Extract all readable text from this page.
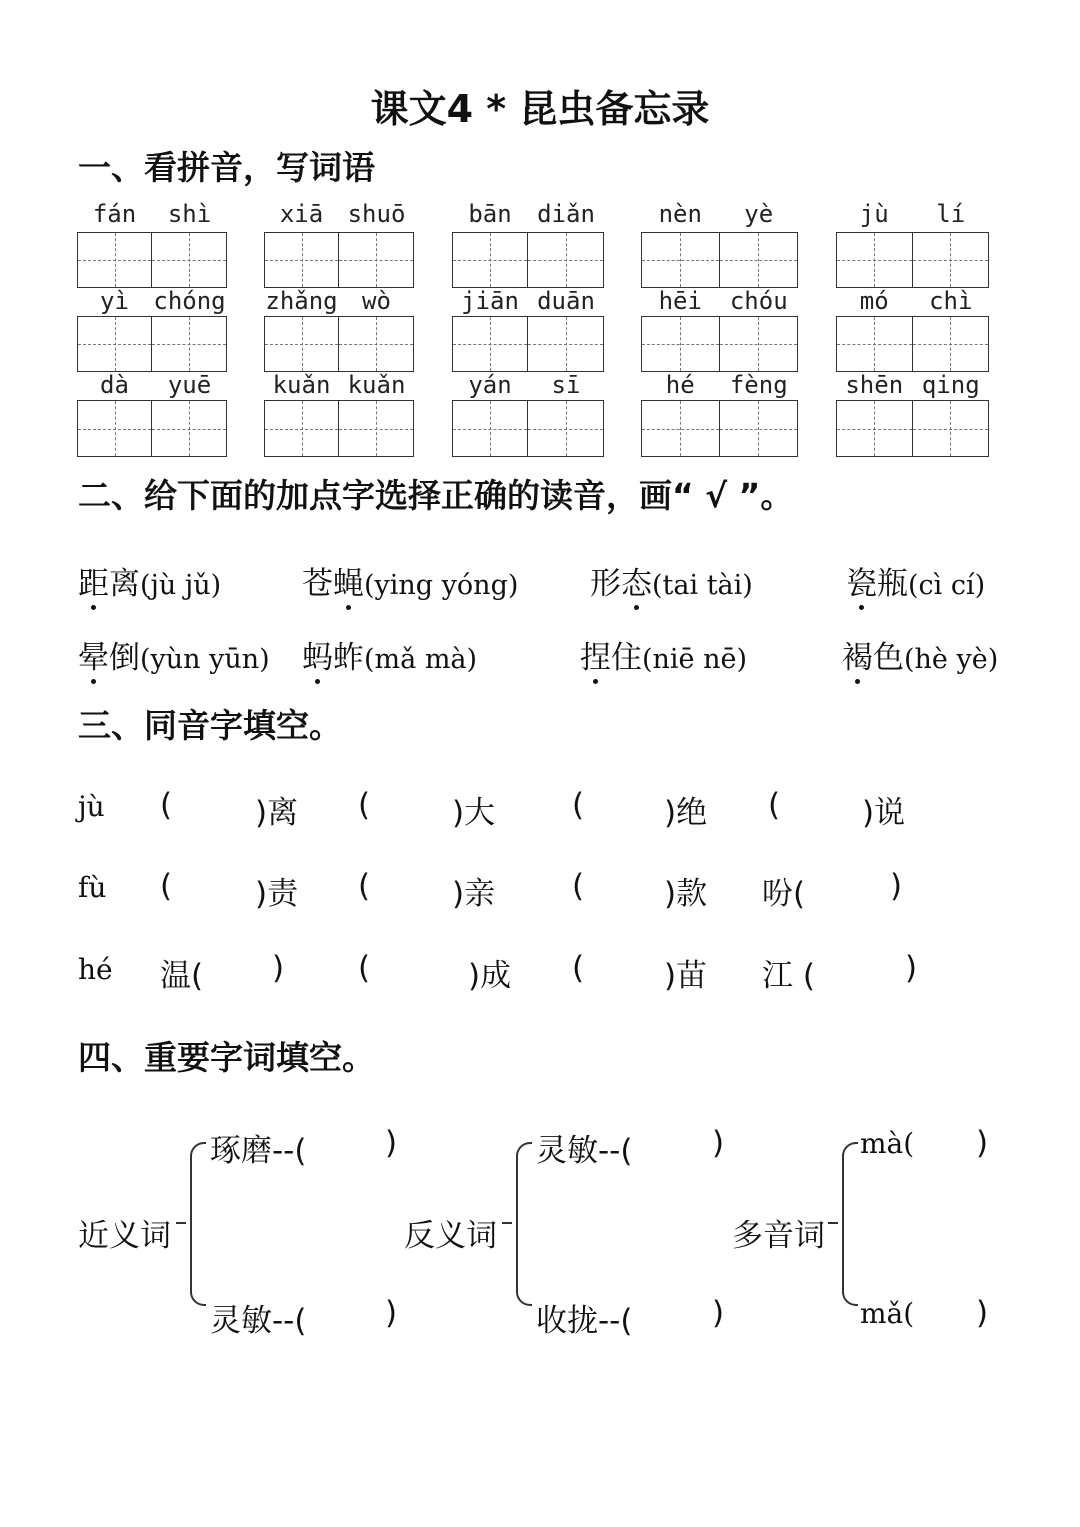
课文4 * 昆虫备忘录
一、看拼音，写词语
fán	shì	xiā	shuō	bān	diǎn	nèn	yè	jù	lí
yì	chóng zhǎng	wò	jiān duān	hēi	chóu	mó	chì
dà	yuē	kuǎn kuǎn	yán	sī	hé	fèng	shēn qing
二、给下面的加点字选择正确的读音，画“ √ ”。
距离(jù jǔ)	苍蝇(ying yóng) 形态(tai tài)	瓷瓶(cì cí)
晕倒(yùn yūn) 蚂蚱(mǎ mà)	捏住(niē nē)	褐色(hè yè)
三、同音字填空。
jù (	)离 (	)大 (	)绝 (	)说
fù (	)责 (	)亲 (	)款 吩(	)
hé 温( ) (	)成 (	)苗 江 (	)
四、重要字词填空。
近义词
琢磨--(	)
灵敏--(	)
反义词
灵敏--(	)
收拢--(	)
多音词
mà( )
mǎ( )
